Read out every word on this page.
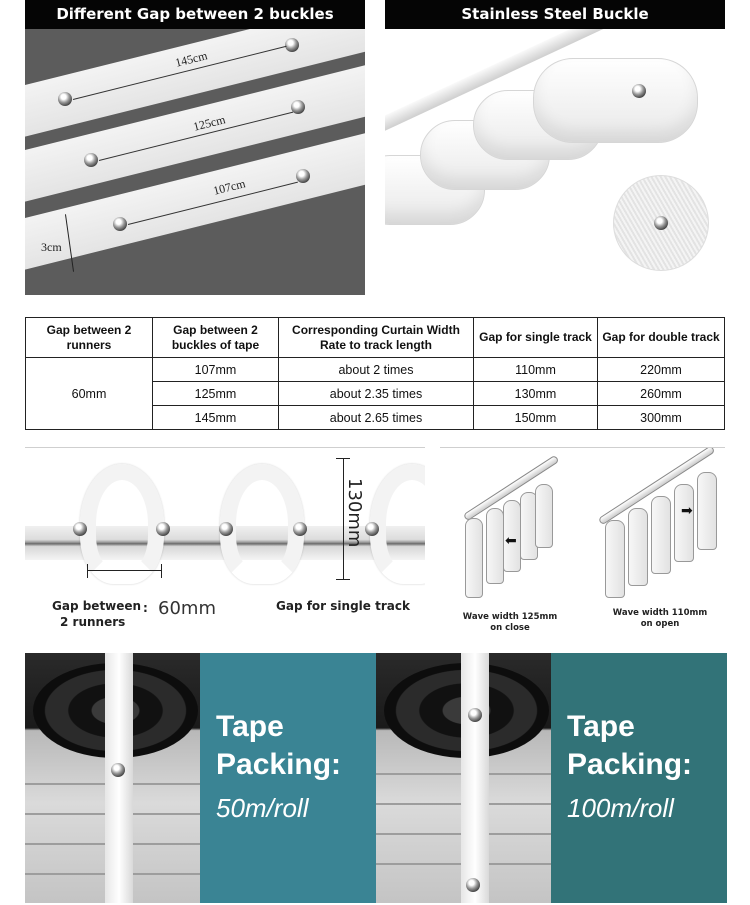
145cm
125cm
107cm
3cm
Different Gap between 2 buckles	Stainless Steel Buckle
Gap between 2 runners	Gap between 2 buckles of tape	Corresponding Curtain Width Rate to track length	Gap for single track	Gap for double track
60mm	107mm	about 2 times	110mm	220mm
	125mm	about 2.35 times	130mm	260mm
	145mm	about 2.65 times	150mm	300mm
130mm
Gap between
2 runners
: 60mm	Gap for single track
⬅
Wave width 125mm
on close
➡
Wave width 110mm
on open
Tape
Packing:
50m/roll
Tape
Packing:
100m/roll
